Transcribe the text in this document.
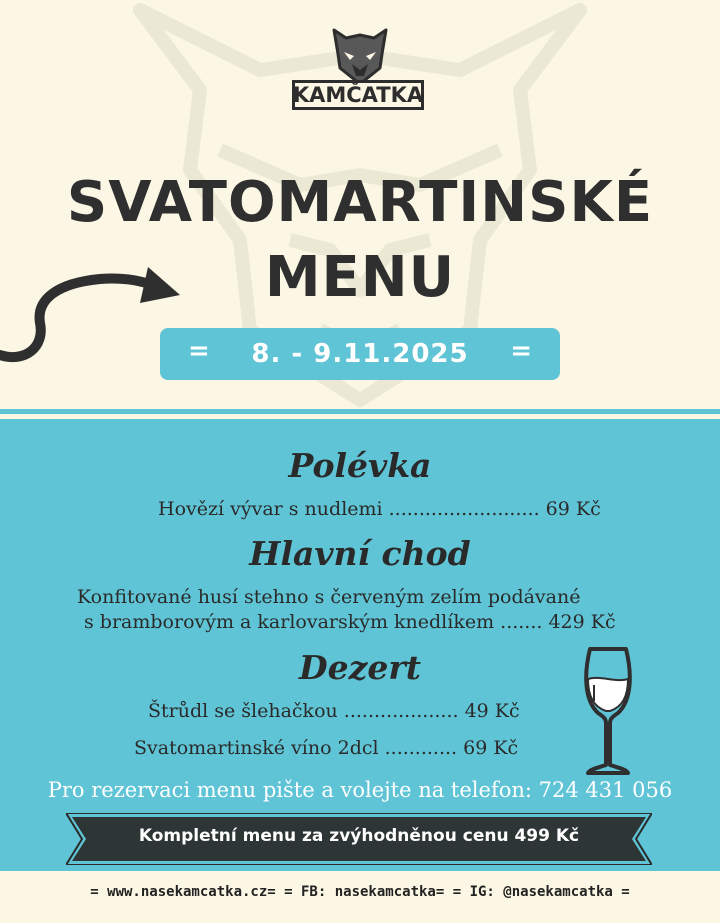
KAMČATKA
SVATOMARTINSKÉ
MENU
=	8. - 9.11.2025	=
Polévka
Hovězí vývar s nudlemi ......................... 69 Kč
Hlavní chod
Konfitované husí stehno s červeným zelím podávané
s bramborovým a karlovarským knedlíkem ....... 429 Kč
Dezert
Štrůdl se šlehačkou ................... 49 Kč
Svatomartinské víno 2dcl ............ 69 Kč
Pro rezervaci menu pište a volejte na telefon: 724 431 056
Kompletní menu za zvýhodněnou cenu 499 Kč
= www.nasekamcatka.cz= = FB: nasekamcatka= = IG: @nasekamcatka =
